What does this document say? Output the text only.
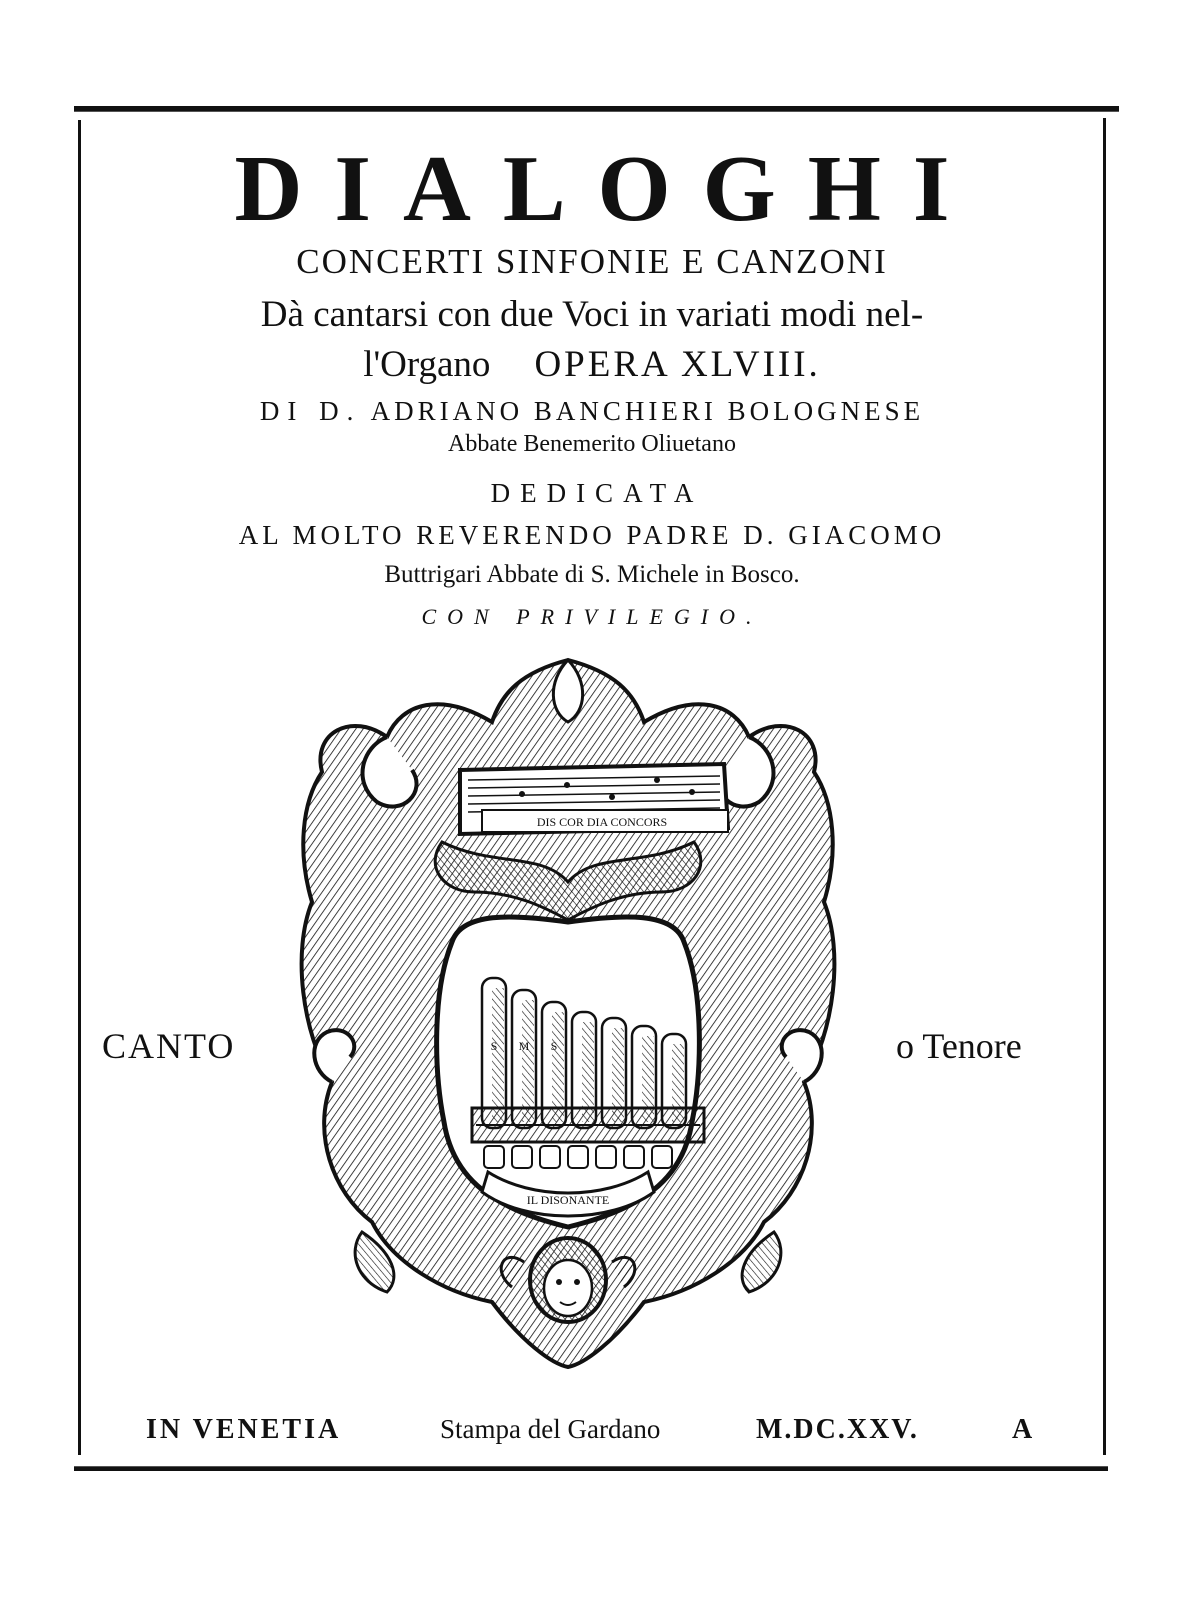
DIALOGHI
CONCERTI SINFONIE E CANZONI
Dà cantarsi con due Voci in variati modi nel-
l'Organo OPERA XLVIII.
DI D. ADRIANO BANCHIERI BOLOGNESE
Abbate Benemerito Oliuetano
DEDICATA
AL MOLTO REVERENDO PADRE D. GIACOMO
Buttrigari Abbate di S. Michele in Bosco.
CON PRIVILEGIO.
CANTO	o Tenore
DIS CОR DIA CONCORS
S M S
IL DISONANTE
IN VENETIA	Stampa del Gardano	M.DC.XXV.	A
